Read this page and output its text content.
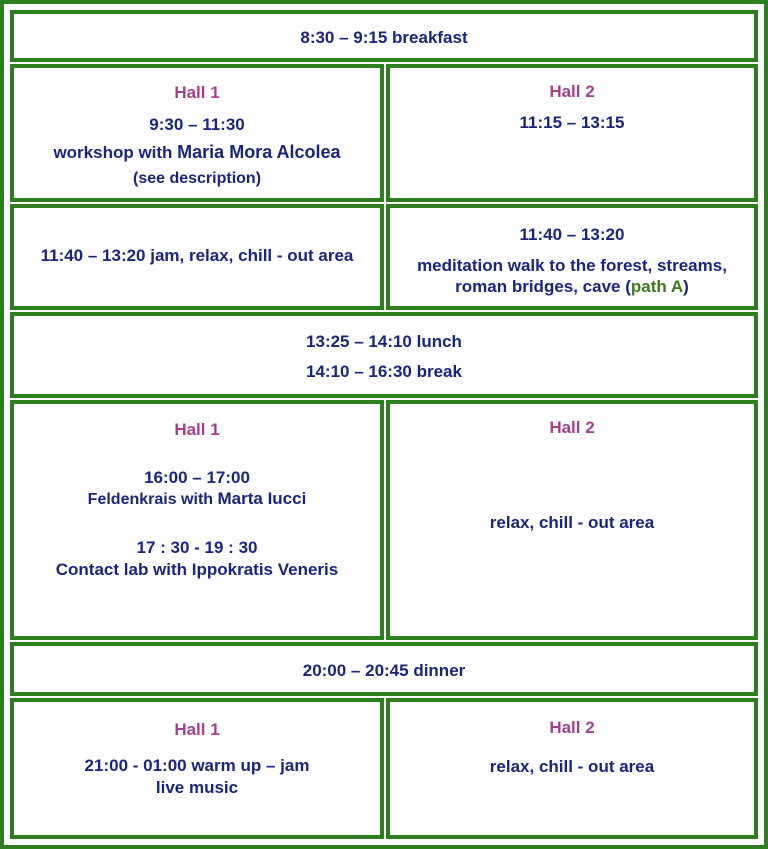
8:30 – 9:15 breakfast
Hall 1
9:30 – 11:30
workshop with Maria Mora Alcolea
(see description)
Hall 2
11:15 – 13:15
11:40 – 13:20 jam, relax, chill - out area
11:40 – 13:20
meditation walk to the forest, streams,
roman bridges, cave (path A)
13:25 – 14:10 lunch
14:10 – 16:30 break
Hall 1
16:00 – 17:00
Feldenkrais with Marta Iucci
17 : 30 - 19 : 30
Contact lab with Ippokratis Veneris
Hall 2
relax, chill - out area
20:00 – 20:45 dinner
Hall 1
21:00 - 01:00 warm up – jam
live music
Hall 2
relax, chill - out area
